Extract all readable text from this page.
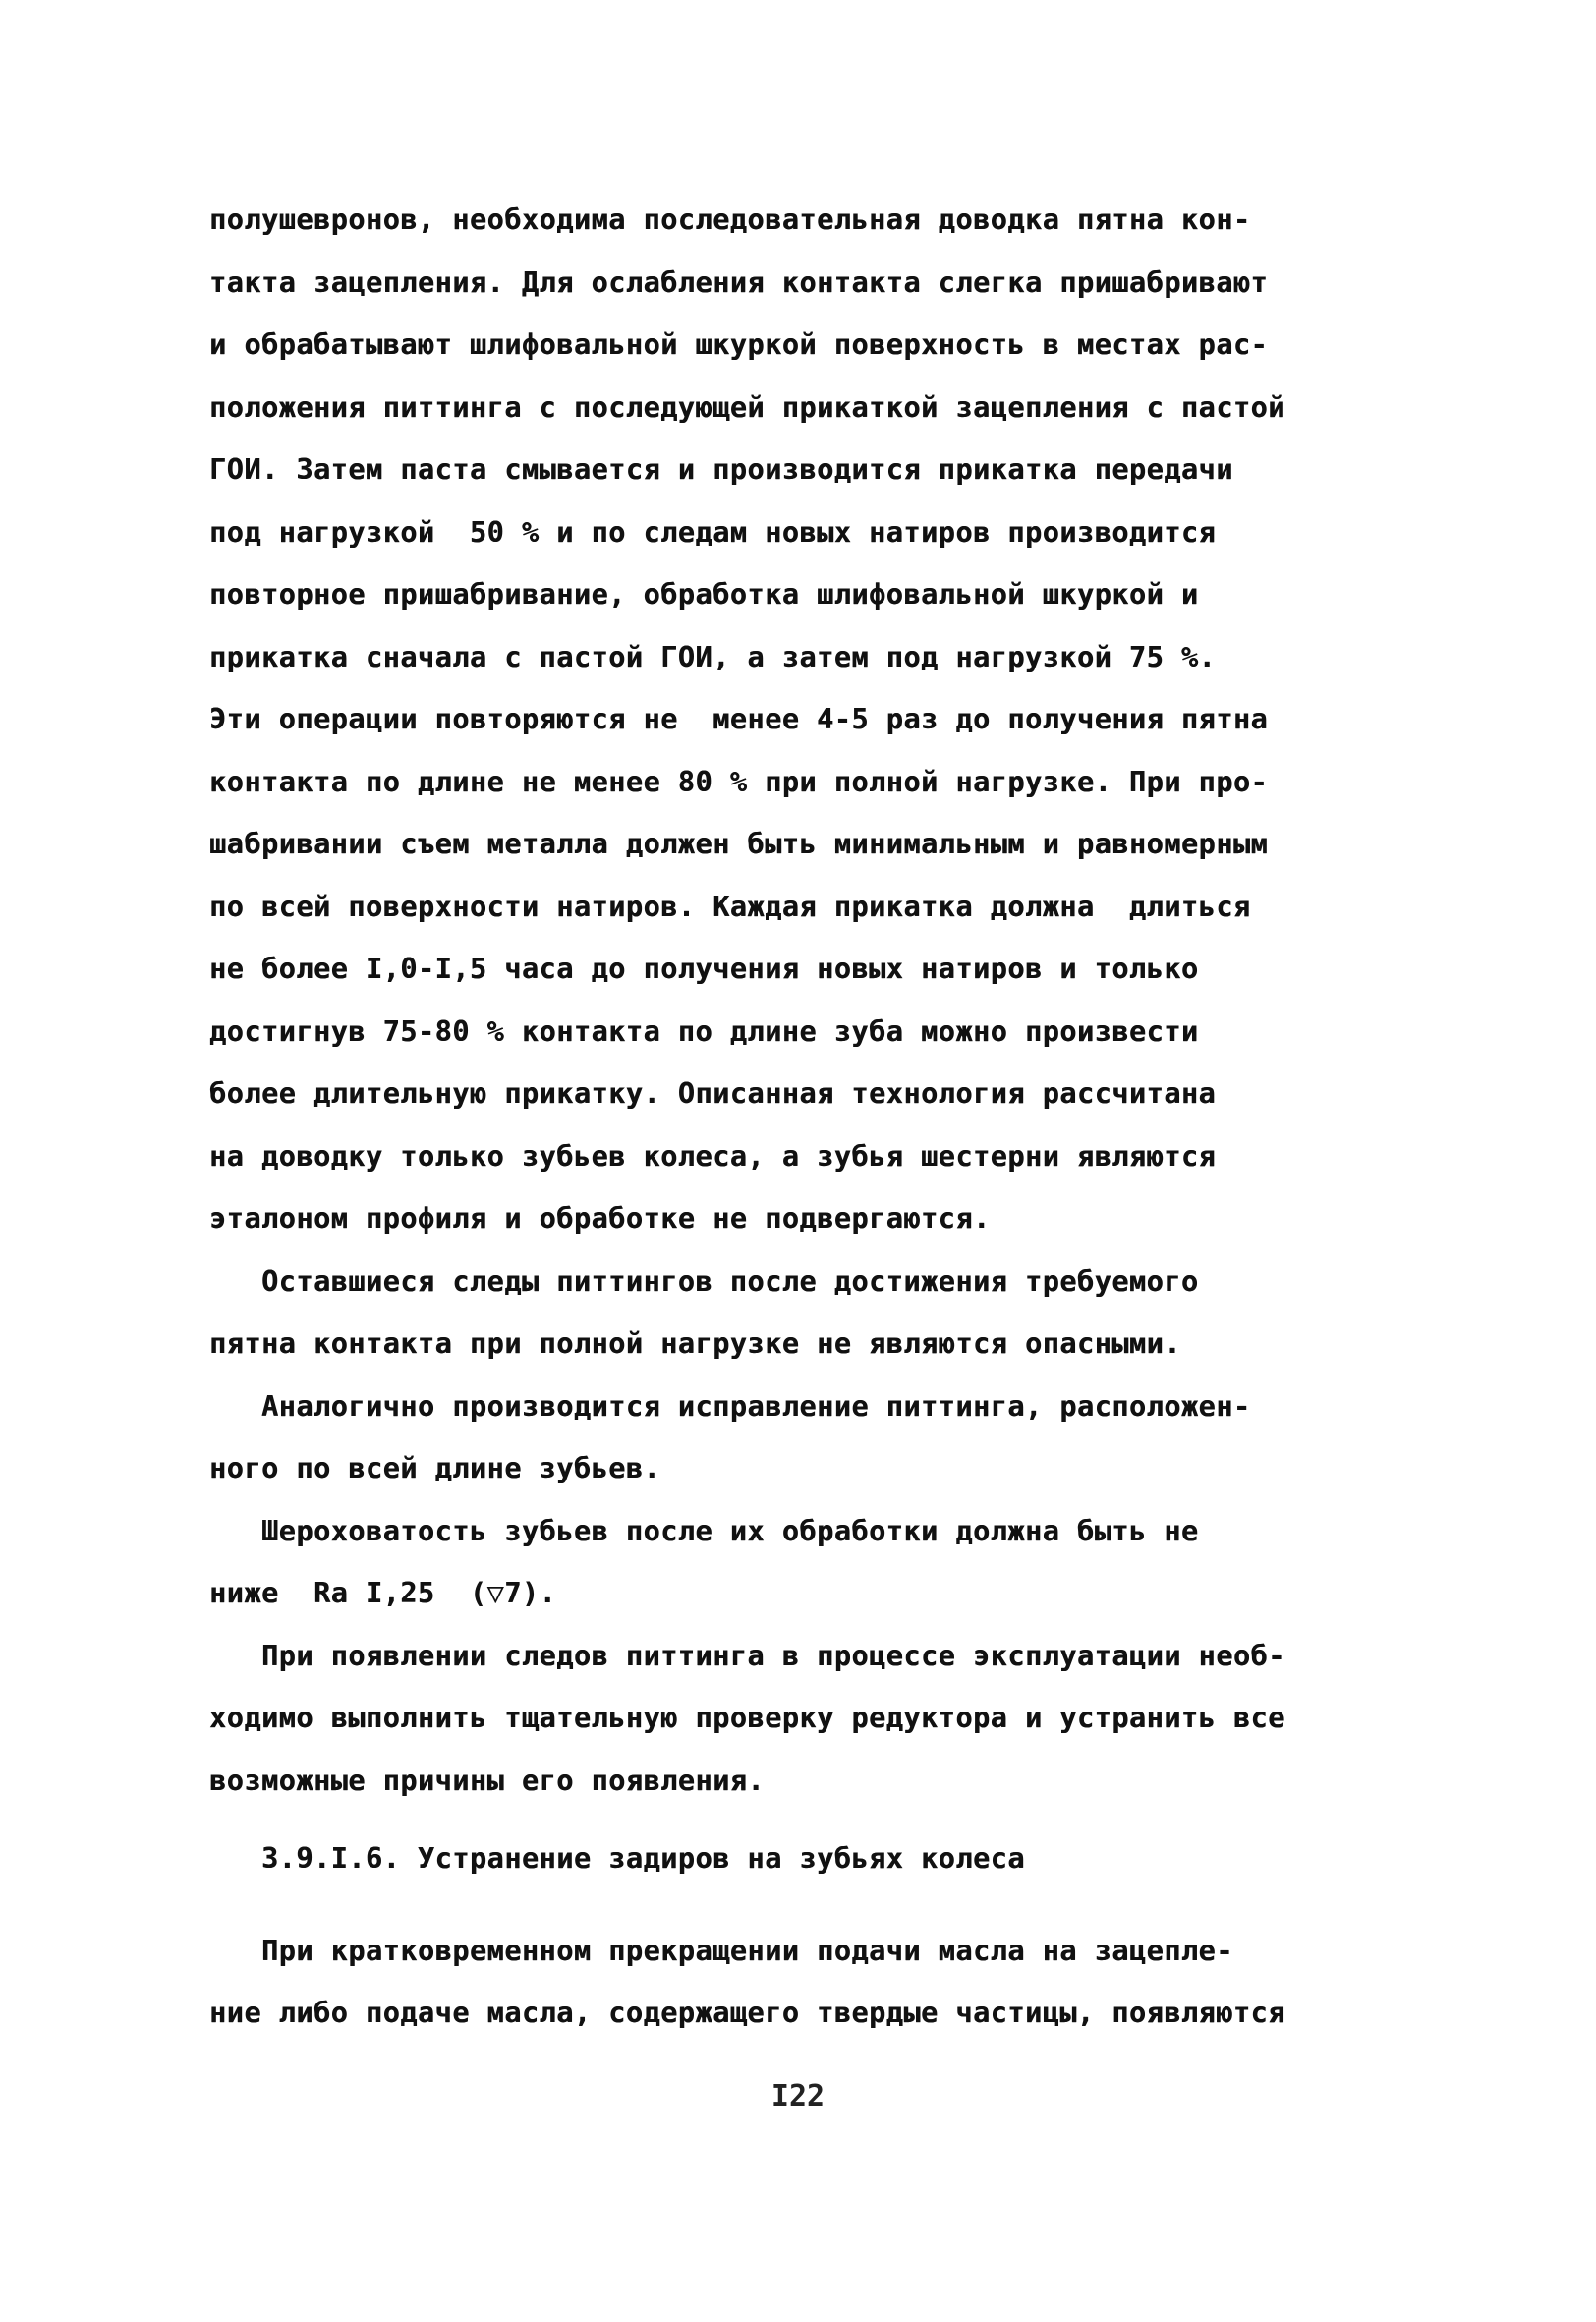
полушевронов, необходима последовательная доводка пятна кон-
такта зацепления. Для ослабления контакта слегка пришабривают
и обрабатывают шлифовальной шкуркой поверхность в местах рас-
положения питтинга с последующей прикаткой зацепления с пастой
ГОИ. Затем паста смывается и производится прикатка передачи
под нагрузкой  50 % и по следам новых натиров производится
повторное пришабривание, обработка шлифовальной шкуркой и
прикатка сначала с пастой ГОИ, а затем под нагрузкой 75 %.
Эти операции повторяются не  менее 4-5 раз до получения пятна
контакта по длине не менее 80 % при полной нагрузке. При про-
шабривании съем металла должен быть минимальным и равномерным
по всей поверхности натиров. Каждая прикатка должна  длиться
не более I,0-I,5 часа до получения новых натиров и только
достигнув 75-80 % контакта по длине зуба можно произвести
более длительную прикатку. Описанная технология рассчитана
на доводку только зубьев колеса, а зубья шестерни являются
эталоном профиля и обработке не подвергаются.
Оставшиеся следы питтингов после достижения требуемого
пятна контакта при полной нагрузке не являются опасными.
Аналогично производится исправление питтинга, расположен-
ного по всей длине зубьев.
Шероховатость зубьев после их обработки должна быть не
ниже  Ra I,25  (▽7).
При появлении следов питтинга в процессе эксплуатации необ-
ходимо выполнить тщательную проверку редуктора и устранить все
возможные причины его появления.
3.9.I.6. Устранение задиров на зубьях колеса
При кратковременном прекращении подачи масла на зацепле-
ние либо подаче масла, содержащего твердые частицы, появляются
I22
